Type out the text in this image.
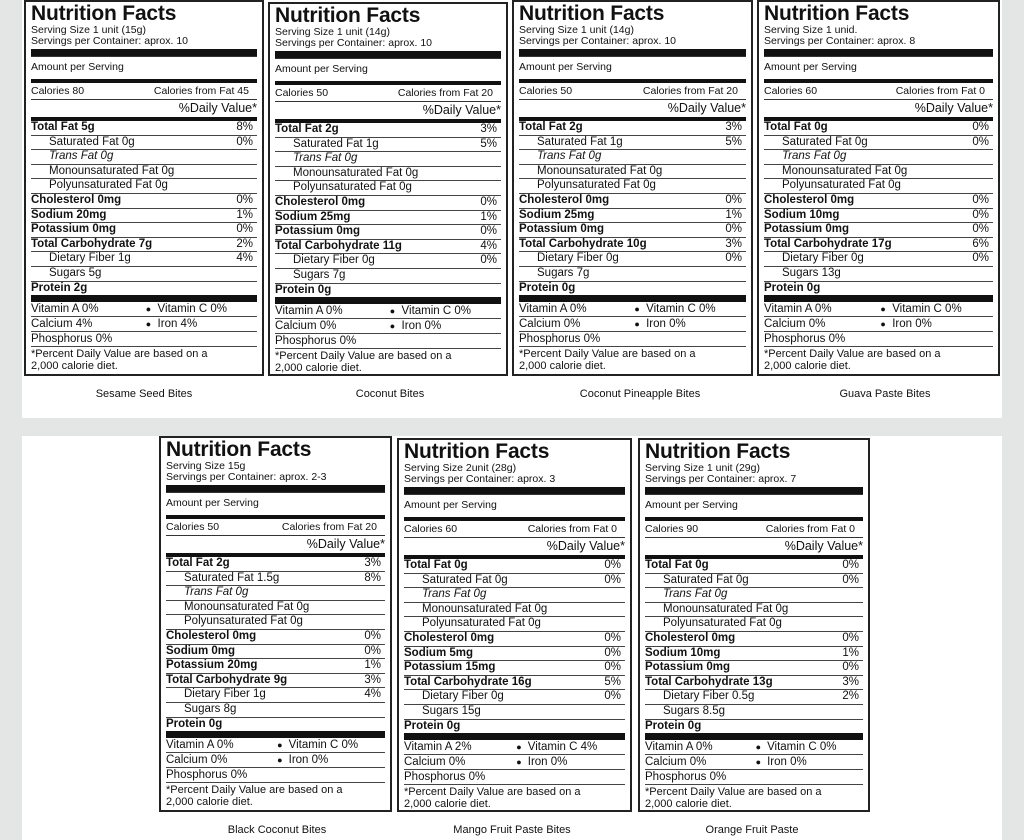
Nutrition Facts
Serving Size 1 unit (15g)
Servings per Container: aprox. 10
Amount per Serving
Calories 80	Calories from Fat 45
%Daily Value*
Total Fat 5g	8%
Saturated Fat 0g	0%
Trans Fat 0g
Monounsaturated Fat 0g
Polyunsaturated Fat 0g
Cholesterol 0mg	0%
Sodium 20mg	1%
Potassium 0mg	0%
Total Carbohydrate 7g	2%
Dietary Fiber 1g	4%
Sugars 5g
Protein 2g
Vitamin A 0%	● Vitamin C 0%
Calcium 4%	● Iron 4%
Phosphorus 0%
*Percent Daily Value are based on a
2,000 calorie diet.
Sesame Seed Bites
Nutrition Facts
Serving Size 1 unit (14g)
Servings per Container: aprox. 10
Amount per Serving
Calories 50	Calories from Fat 20
%Daily Value*
Total Fat 2g	3%
Saturated Fat 1g	5%
Trans Fat 0g
Monounsaturated Fat 0g
Polyunsaturated Fat 0g
Cholesterol 0mg	0%
Sodium 25mg	1%
Potassium 0mg	0%
Total Carbohydrate 11g	4%
Dietary Fiber 0g	0%
Sugars 7g
Protein 0g
Vitamin A 0%	● Vitamin C 0%
Calcium 0%	● Iron 0%
Phosphorus 0%
*Percent Daily Value are based on a
2,000 calorie diet.
Coconut Bites
Nutrition Facts
Serving Size 1 unit (14g)
Servings per Container: aprox. 10
Amount per Serving
Calories 50	Calories from Fat 20
%Daily Value*
Total Fat 2g	3%
Saturated Fat 1g	5%
Trans Fat 0g
Monounsaturated Fat 0g
Polyunsaturated Fat 0g
Cholesterol 0mg	0%
Sodium 25mg	1%
Potassium 0mg	0%
Total Carbohydrate 10g	3%
Dietary Fiber 0g	0%
Sugars 7g
Protein 0g
Vitamin A 0%	● Vitamin C 0%
Calcium 0%	● Iron 0%
Phosphorus 0%
*Percent Daily Value are based on a
2,000 calorie diet.
Coconut Pineapple Bites
Nutrition Facts
Serving Size 1 unid.
Servings per Container: aprox. 8
Amount per Serving
Calories 60	Calories from Fat 0
%Daily Value*
Total Fat 0g	0%
Saturated Fat 0g	0%
Trans Fat 0g
Monounsaturated Fat 0g
Polyunsaturated Fat 0g
Cholesterol 0mg	0%
Sodium 10mg	0%
Potassium 0mg	0%
Total Carbohydrate 17g	6%
Dietary Fiber 0g	0%
Sugars 13g
Protein 0g
Vitamin A 0%	● Vitamin C 0%
Calcium 0%	● Iron 0%
Phosphorus 0%
*Percent Daily Value are based on a
2,000 calorie diet.
Guava Paste Bites
Nutrition Facts
Serving Size 15g
Servings per Container: aprox. 2-3
Amount per Serving
Calories 50	Calories from Fat 20
%Daily Value*
Total Fat 2g	3%
Saturated Fat 1.5g	8%
Trans Fat 0g
Monounsaturated Fat 0g
Polyunsaturated Fat 0g
Cholesterol 0mg	0%
Sodium 0mg	0%
Potassium 20mg	1%
Total Carbohydrate 9g	3%
Dietary Fiber 1g	4%
Sugars 8g
Protein 0g
Vitamin A 0%	● Vitamin C 0%
Calcium 0%	● Iron 0%
Phosphorus 0%
*Percent Daily Value are based on a
2,000 calorie diet.
Black Coconut Bites
Nutrition Facts
Serving Size 2unit (28g)
Servings per Container: aprox. 3
Amount per Serving
Calories 60	Calories from Fat 0
%Daily Value*
Total Fat 0g	0%
Saturated Fat 0g	0%
Trans Fat 0g
Monounsaturated Fat 0g
Polyunsaturated Fat 0g
Cholesterol 0mg	0%
Sodium 5mg	0%
Potassium 15mg	0%
Total Carbohydrate 16g	5%
Dietary Fiber 0g	0%
Sugars 15g
Protein 0g
Vitamin A 2%	● Vitamin C 4%
Calcium 0%	● Iron 0%
Phosphorus 0%
*Percent Daily Value are based on a
2,000 calorie diet.
Mango Fruit Paste Bites
Nutrition Facts
Serving Size 1 unit (29g)
Servings per Container: aprox. 7
Amount per Serving
Calories 90	Calories from Fat 0
%Daily Value*
Total Fat 0g	0%
Saturated Fat 0g	0%
Trans Fat 0g
Monounsaturated Fat 0g
Polyunsaturated Fat 0g
Cholesterol 0mg	0%
Sodium 10mg	1%
Potassium 0mg	0%
Total Carbohydrate 13g	3%
Dietary Fiber 0.5g	2%
Sugars 8.5g
Protein 0g
Vitamin A 0%	● Vitamin C 0%
Calcium 0%	● Iron 0%
Phosphorus 0%
*Percent Daily Value are based on a
2,000 calorie diet.
Orange Fruit Paste
